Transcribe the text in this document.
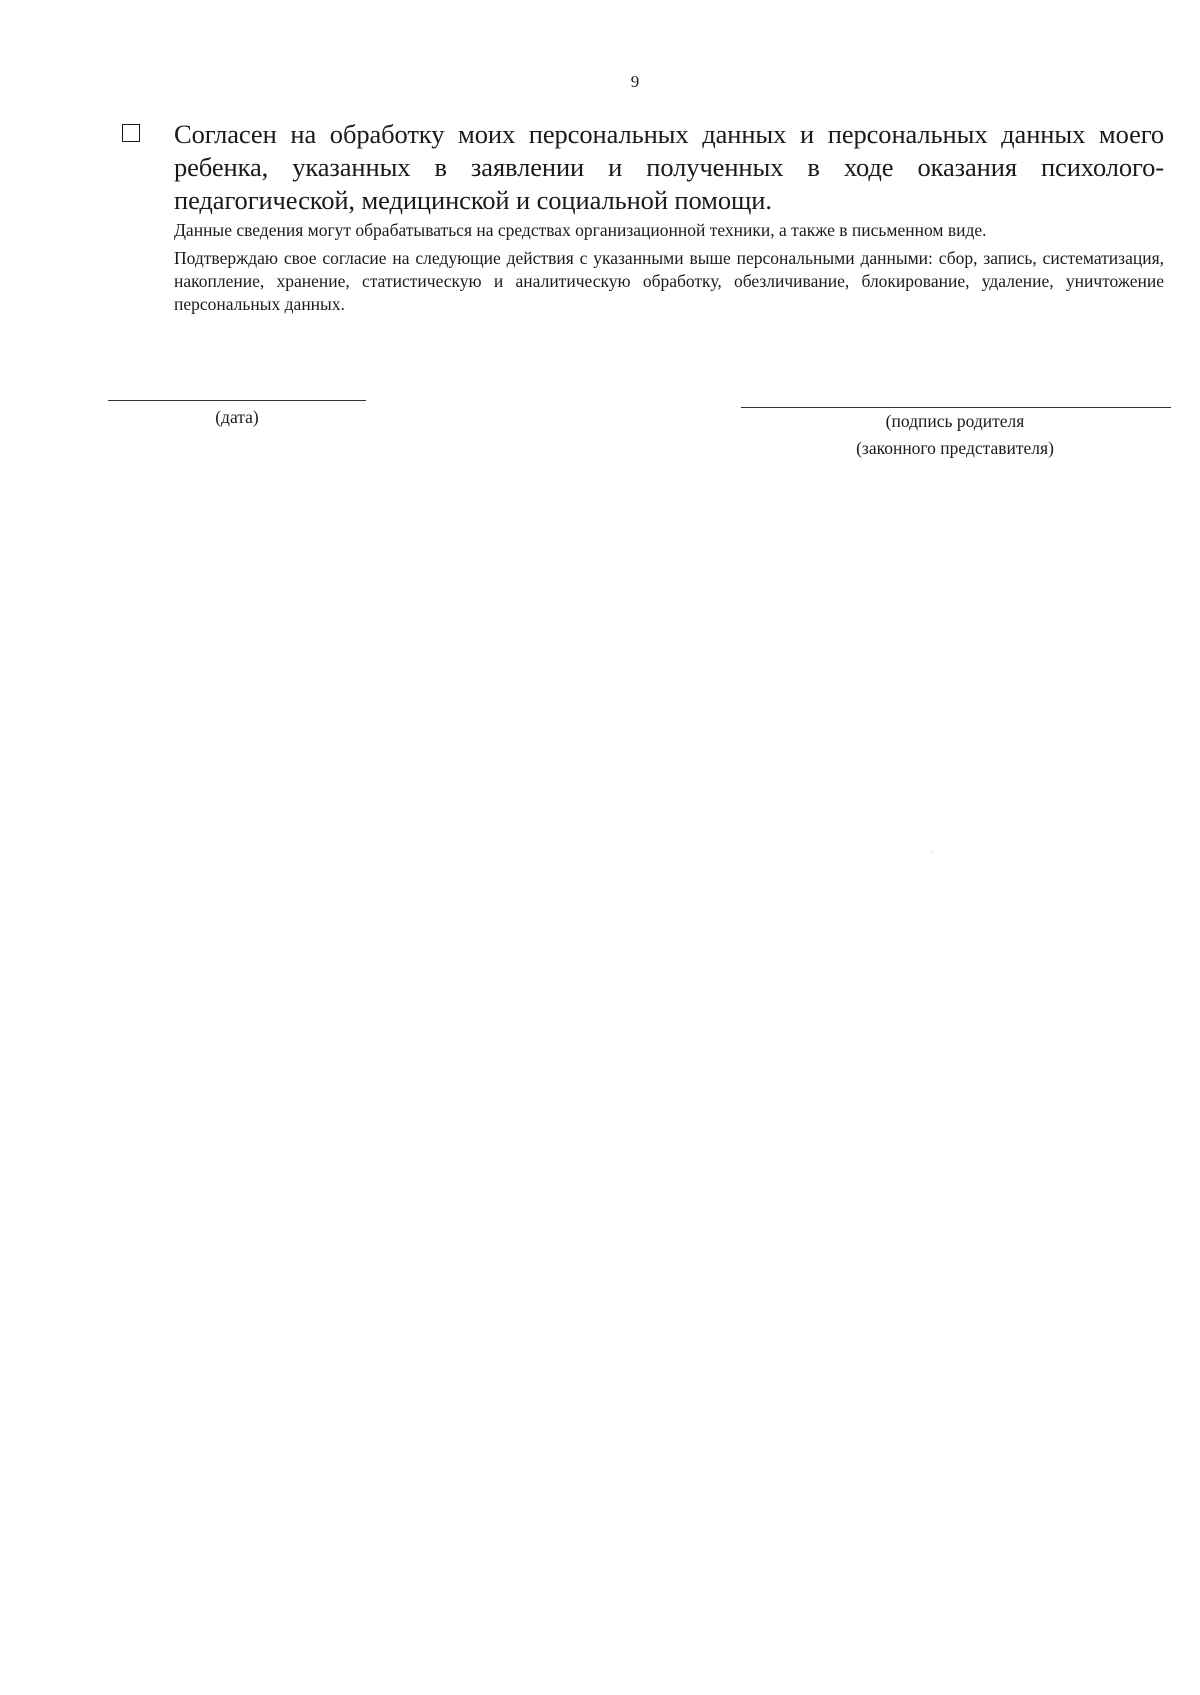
9
Согласен на обработку моих персональных данных и персональных данных моего ребенка, указанных в заявлении и полученных в ходе оказания психолого-педагогической, медицинской и социальной помощи.
Данные сведения могут обрабатываться на средствах организационной техники, а также в письменном виде.
Подтверждаю свое согласие на следующие действия с указанными выше персональными данными: сбор, запись, систематизация, накопление, хранение, статистическую и аналитическую обработку, обезличивание, блокирование, удаление, уничтожение персональных данных.
(дата)	(подпись родителя
(законного представителя)
